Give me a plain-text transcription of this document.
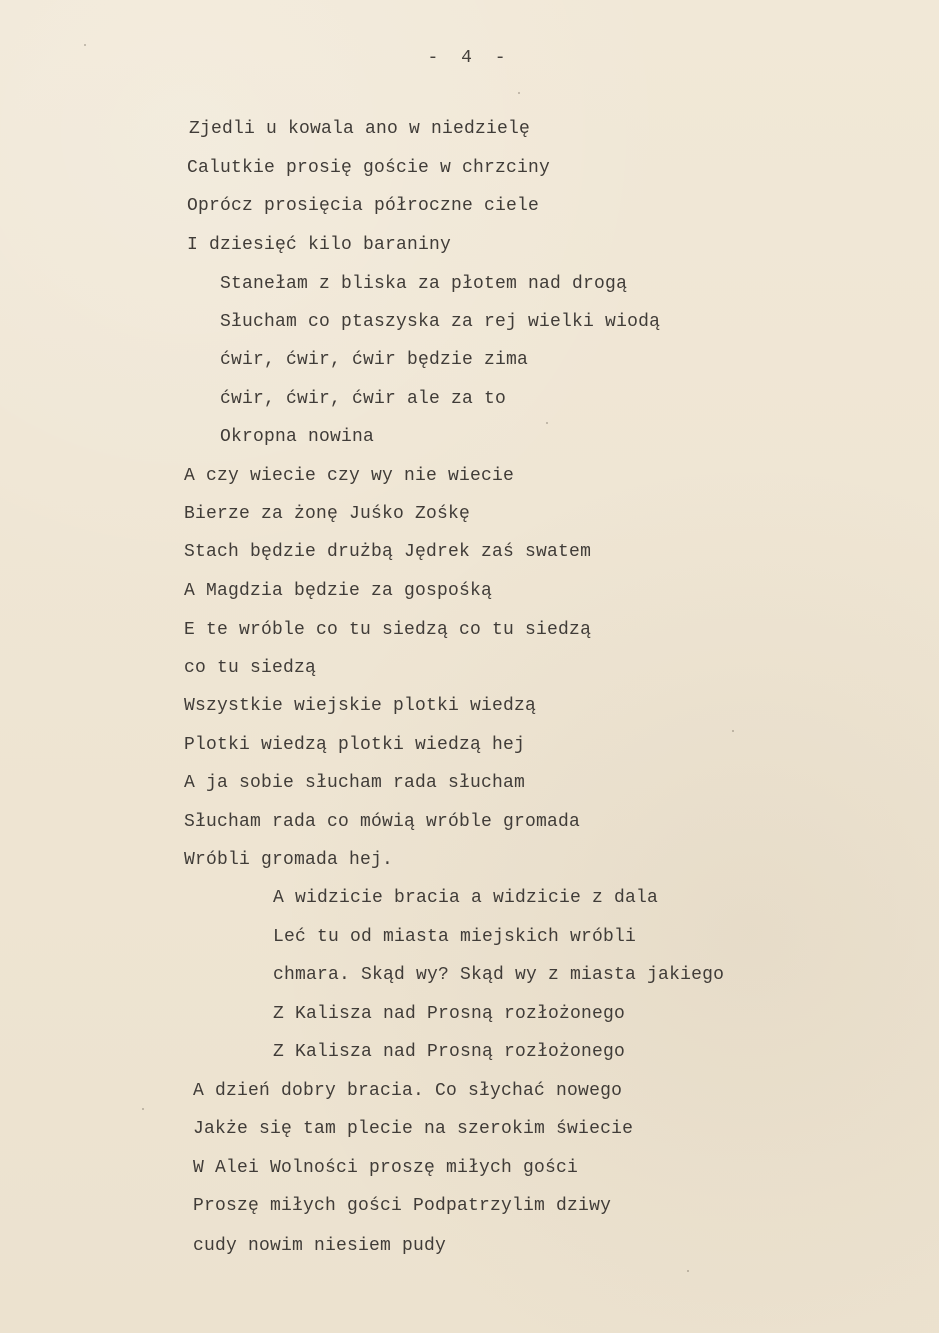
- 4 -
Zjedli u kowala ano w niedzielę
Calutkie prosię goście w chrzciny
Oprócz prosięcia półroczne ciele
I dziesięć kilo baraniny
Stanełam z bliska za płotem nad drogą
Słucham co ptaszyska za rej wielki wiodą
ćwir, ćwir, ćwir będzie zima
ćwir, ćwir, ćwir ale za to
Okropna nowina
A czy wiecie czy wy nie wiecie
Bierze za żonę Juśko Zośkę
Stach będzie drużbą Jędrek zaś swatem
A Magdzia będzie za gospośką
E te wróble co tu siedzą co tu siedzą
co tu siedzą
Wszystkie wiejskie plotki wiedzą
Plotki wiedzą plotki wiedzą hej
A ja sobie słucham rada słucham
Słucham rada co mówią wróble gromada
Wróbli gromada hej.
A widzicie bracia a widzicie z dala
Leć tu od miasta miejskich wróbli
chmara. Skąd wy? Skąd wy z miasta jakiego
Z Kalisza nad Prosną rozłożonego
Z Kalisza nad Prosną rozłożonego
A dzień dobry bracia. Co słychać nowego
Jakże się tam plecie na szerokim świecie
W Alei Wolności proszę miłych gości
Proszę miłych gości Podpatrzylim dziwy
cudy nowim niesiem pudy
